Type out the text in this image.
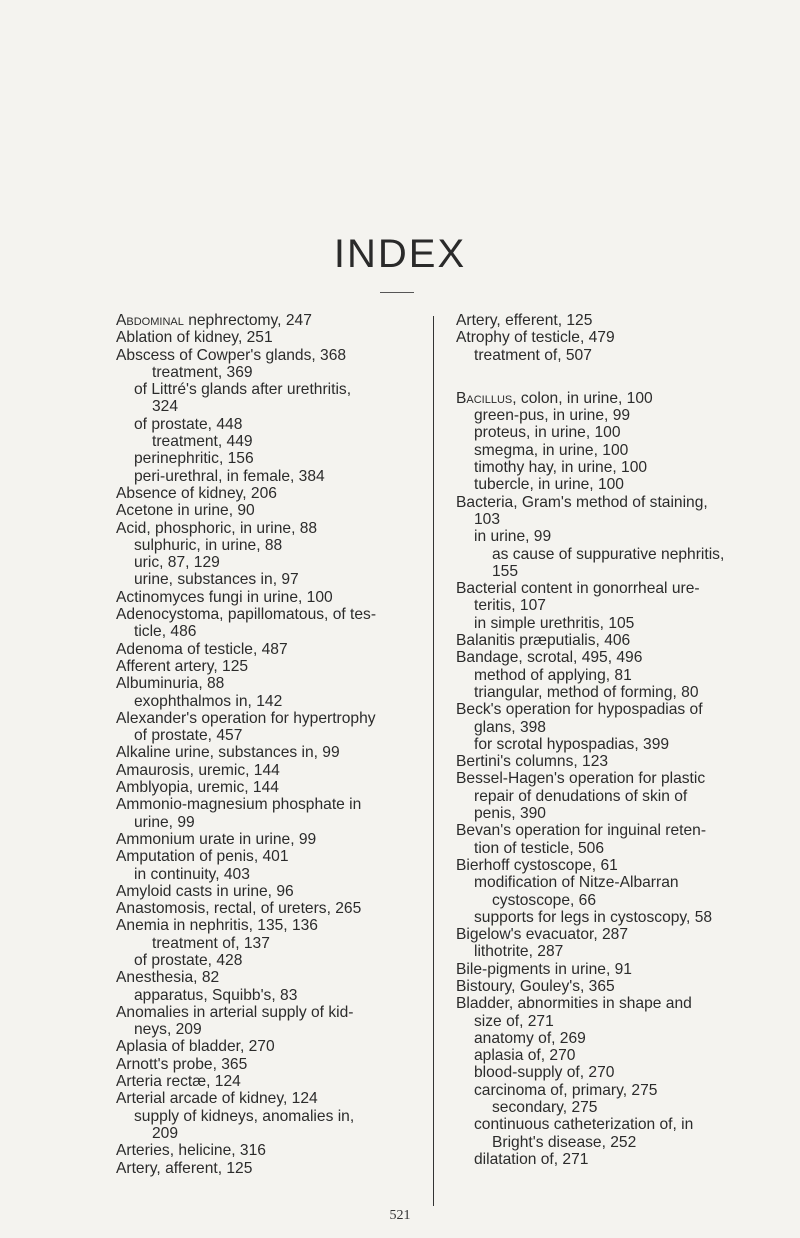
INDEX
Abdominal nephrectomy, 247
Ablation of kidney, 251
Abscess of Cowper's glands, 368
treatment, 369
of Littré's glands after urethritis,
324
of prostate, 448
treatment, 449
perinephritic, 156
peri-urethral, in female, 384
Absence of kidney, 206
Acetone in urine, 90
Acid, phosphoric, in urine, 88
sulphuric, in urine, 88
uric, 87, 129
urine, substances in, 97
Actinomyces fungi in urine, 100
Adenocystoma, papillomatous, of tes-
ticle, 486
Adenoma of testicle, 487
Afferent artery, 125
Albuminuria, 88
exophthalmos in, 142
Alexander's operation for hypertrophy
of prostate, 457
Alkaline urine, substances in, 99
Amaurosis, uremic, 144
Amblyopia, uremic, 144
Ammonio-magnesium phosphate in
urine, 99
Ammonium urate in urine, 99
Amputation of penis, 401
in continuity, 403
Amyloid casts in urine, 96
Anastomosis, rectal, of ureters, 265
Anemia in nephritis, 135, 136
treatment of, 137
of prostate, 428
Anesthesia, 82
apparatus, Squibb's, 83
Anomalies in arterial supply of kid-
neys, 209
Aplasia of bladder, 270
Arnott's probe, 365
Arteria rectæ, 124
Arterial arcade of kidney, 124
supply of kidneys, anomalies in,
209
Arteries, helicine, 316
Artery, afferent, 125
Artery, efferent, 125
Atrophy of testicle, 479
treatment of, 507
Bacillus, colon, in urine, 100
green-pus, in urine, 99
proteus, in urine, 100
smegma, in urine, 100
timothy hay, in urine, 100
tubercle, in urine, 100
Bacteria, Gram's method of staining,
103
in urine, 99
as cause of suppurative nephritis,
155
Bacterial content in gonorrheal ure-
teritis, 107
in simple urethritis, 105
Balanitis præputialis, 406
Bandage, scrotal, 495, 496
method of applying, 81
triangular, method of forming, 80
Beck's operation for hypospadias of
glans, 398
for scrotal hypospadias, 399
Bertini's columns, 123
Bessel-Hagen's operation for plastic
repair of denudations of skin of
penis, 390
Bevan's operation for inguinal reten-
tion of testicle, 506
Bierhoff cystoscope, 61
modification of Nitze-Albarran
cystoscope, 66
supports for legs in cystoscopy, 58
Bigelow's evacuator, 287
lithotrite, 287
Bile-pigments in urine, 91
Bistoury, Gouley's, 365
Bladder, abnormities in shape and
size of, 271
anatomy of, 269
aplasia of, 270
blood-supply of, 270
carcinoma of, primary, 275
secondary, 275
continuous catheterization of, in
Bright's disease, 252
dilatation of, 271
521
